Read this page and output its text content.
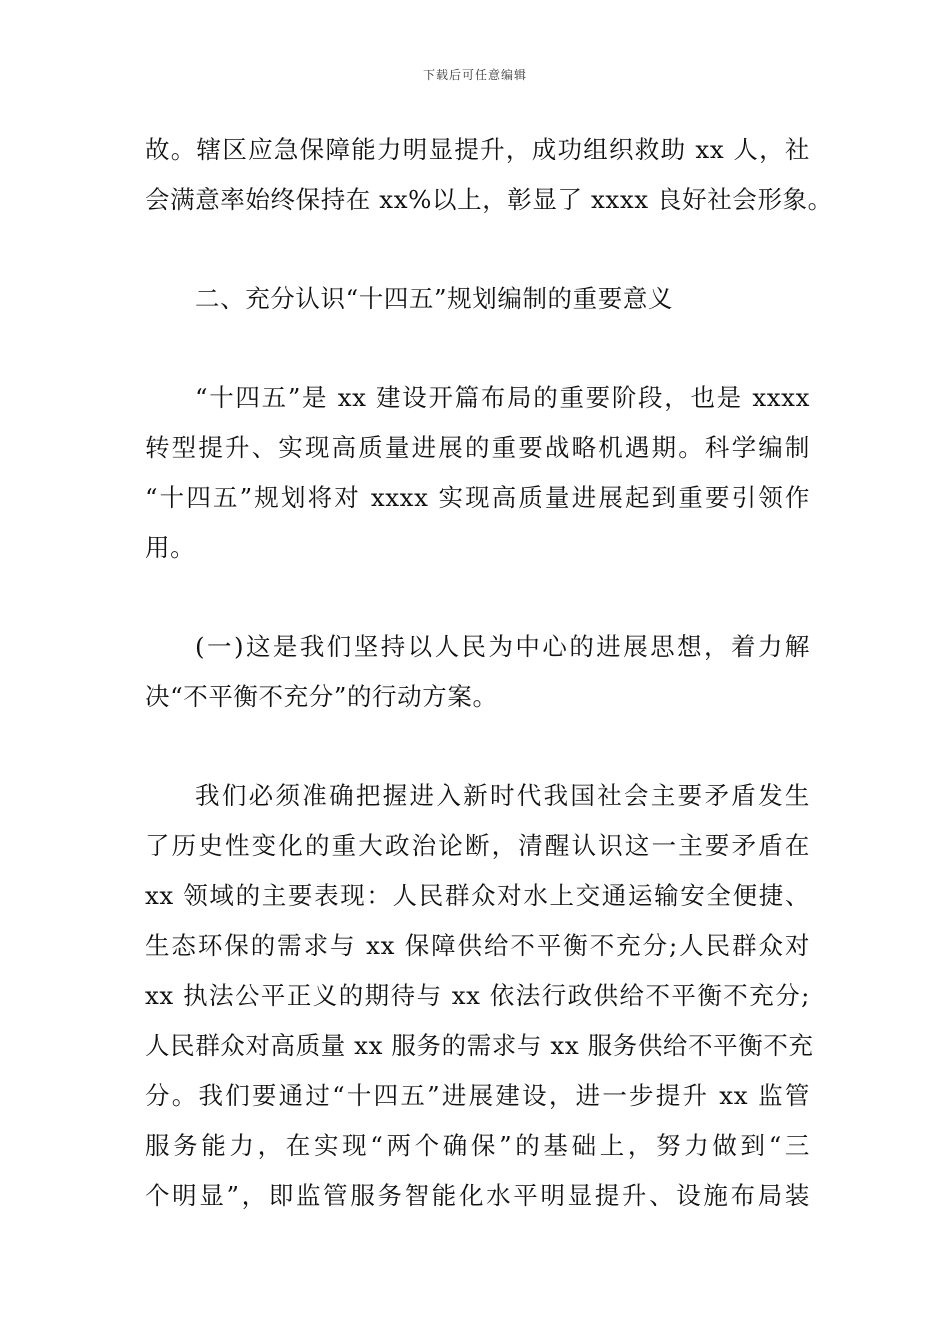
下载后可任意编辑
故。辖区应急保障能力明显提升，成功组织救助 xx 人，社
会满意率始终保持在 xx%以上，彰显了 xxxx 良好社会形象。
二、充分认识“十四五”规划编制的重要意义
“十四五”是 xx 建设开篇布局的重要阶段，也是 xxxx
转型提升、实现高质量进展的重要战略机遇期。科学编制
“十四五”规划将对 xxxx 实现高质量进展起到重要引领作
用。
(一)这是我们坚持以人民为中心的进展思想，着力解
决“不平衡不充分”的行动方案。
我们必须准确把握进入新时代我国社会主要矛盾发生
了历史性变化的重大政治论断，清醒认识这一主要矛盾在
xx 领域的主要表现：人民群众对水上交通运输安全便捷、
生态环保的需求与 xx 保障供给不平衡不充分;人民群众对
xx 执法公平正义的期待与 xx 依法行政供给不平衡不充分;
人民群众对高质量 xx 服务的需求与 xx 服务供给不平衡不充
分。我们要通过“十四五”进展建设，进一步提升 xx 监管
服务能力，在实现“两个确保”的基础上，努力做到“三
个明显”，即监管服务智能化水平明显提升、设施布局装
